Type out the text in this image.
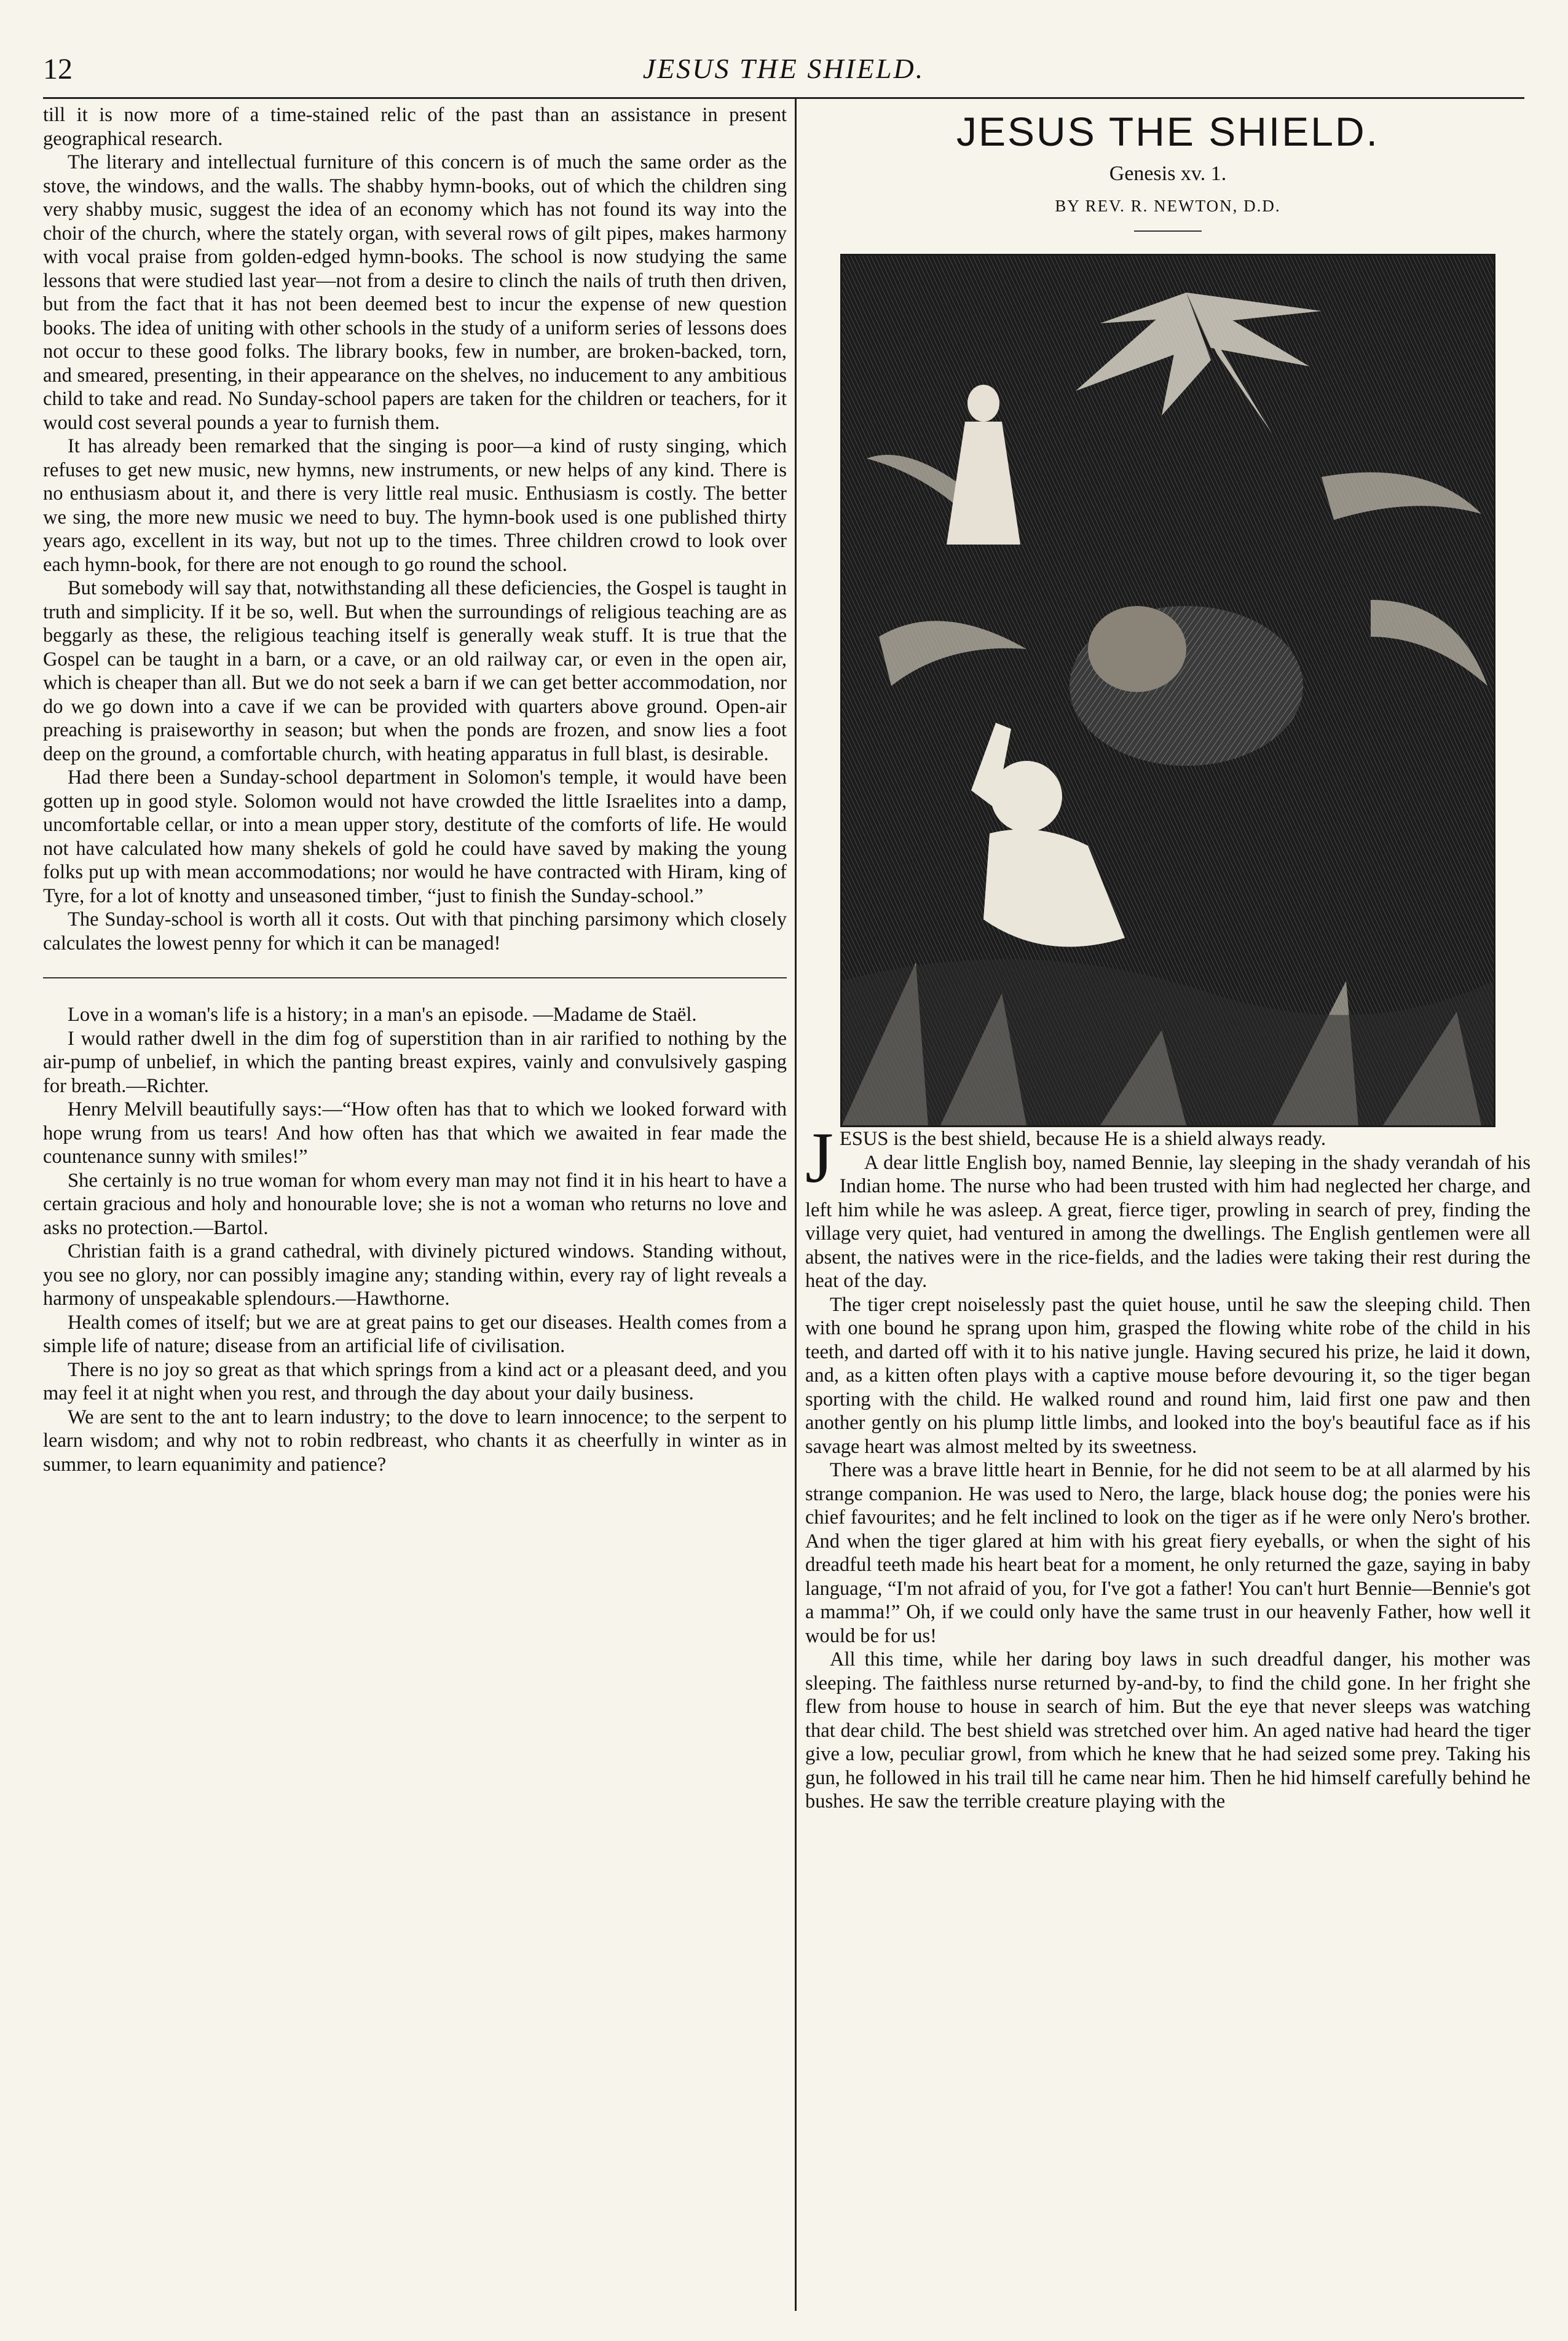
12	JESUS THE SHIELD.

till it is now more of a time-stained relic of the past than an assistance in present geographical research.

The literary and intellectual furniture of this concern is of much the same order as the stove, the windows, and the walls. The shabby hymn-books, out of which the children sing very shabby music, suggest the idea of an economy which has not found its way into the choir of the church, where the stately organ, with several rows of gilt pipes, makes harmony with vocal praise from golden-edged hymn-books. The school is now studying the same lessons that were studied last year—not from a desire to clinch the nails of truth then driven, but from the fact that it has not been deemed best to incur the expense of new question books. The idea of uniting with other schools in the study of a uniform series of lessons does not occur to these good folks. The library books, few in number, are broken-backed, torn, and smeared, presenting, in their appearance on the shelves, no inducement to any ambitious child to take and read. No Sunday-school papers are taken for the children or teachers, for it would cost several pounds a year to furnish them.

It has already been remarked that the singing is poor—a kind of rusty singing, which refuses to get new music, new hymns, new instruments, or new helps of any kind. There is no enthusiasm about it, and there is very little real music. Enthusiasm is costly. The better we sing, the more new music we need to buy. The hymn-book used is one published thirty years ago, excellent in its way, but not up to the times. Three children crowd to look over each hymn-book, for there are not enough to go round the school.

But somebody will say that, notwithstanding all these deficiencies, the Gospel is taught in truth and simplicity. If it be so, well. But when the surroundings of religious teaching are as beggarly as these, the religious teaching itself is generally weak stuff. It is true that the Gospel can be taught in a barn, or a cave, or an old railway car, or even in the open air, which is cheaper than all. But we do not seek a barn if we can get better accommodation, nor do we go down into a cave if we can be provided with quarters above ground. Open-air preaching is praiseworthy in season; but when the ponds are frozen, and snow lies a foot deep on the ground, a comfortable church, with heating apparatus in full blast, is desirable.

Had there been a Sunday-school department in Solomon's temple, it would have been gotten up in good style. Solomon would not have crowded the little Israelites into a damp, uncomfortable cellar, or into a mean upper story, destitute of the comforts of life. He would not have calculated how many shekels of gold he could have saved by making the young folks put up with mean accommodations; nor would he have contracted with Hiram, king of Tyre, for a lot of knotty and unseasoned timber, “just to finish the Sunday-school.”

The Sunday-school is worth all it costs. Out with that pinching parsimony which closely calculates the lowest penny for which it can be managed!

Love in a woman's life is a history; in a man's an episode. —Madame de Staël.

I would rather dwell in the dim fog of superstition than in air rarified to nothing by the air-pump of unbelief, in which the panting breast expires, vainly and convulsively gasping for breath.—Richter.

Henry Melvill beautifully says:—“How often has that to which we looked forward with hope wrung from us tears! And how often has that which we awaited in fear made the countenance sunny with smiles!”

She certainly is no true woman for whom every man may not find it in his heart to have a certain gracious and holy and honourable love; she is not a woman who returns no love and asks no protection.—Bartol.

Christian faith is a grand cathedral, with divinely pictured windows. Standing without, you see no glory, nor can possibly imagine any; standing within, every ray of light reveals a harmony of unspeakable splendours.—Hawthorne.

Health comes of itself; but we are at great pains to get our diseases. Health comes from a simple life of nature; disease from an artificial life of civilisation.

There is no joy so great as that which springs from a kind act or a pleasant deed, and you may feel it at night when you rest, and through the day about your daily business.

We are sent to the ant to learn industry; to the dove to learn innocence; to the serpent to learn wisdom; and why not to robin redbreast, who chants it as cheerfully in winter as in summer, to learn equanimity and patience?

JESUS THE SHIELD.
Genesis xv. 1.
BY REV. R. NEWTON, D.D.

JESUS is the best shield, because He is a shield always ready.

A dear little English boy, named Bennie, lay sleeping in the shady verandah of his Indian home. The nurse who had been trusted with him had neglected her charge, and left him while he was asleep. A great, fierce tiger, prowling in search of prey, finding the village very quiet, had ventured in among the dwellings. The English gentlemen were all absent, the natives were in the rice-fields, and the ladies were taking their rest during the heat of the day.

The tiger crept noiselessly past the quiet house, until he saw the sleeping child. Then with one bound he sprang upon him, grasped the flowing white robe of the child in his teeth, and darted off with it to his native jungle. Having secured his prize, he laid it down, and, as a kitten often plays with a captive mouse before devouring it, so the tiger began sporting with the child. He walked round and round him, laid first one paw and then another gently on his plump little limbs, and looked into the boy's beautiful face as if his savage heart was almost melted by its sweetness.

There was a brave little heart in Bennie, for he did not seem to be at all alarmed by his strange companion. He was used to Nero, the large, black house dog; the ponies were his chief favourites; and he felt inclined to look on the tiger as if he were only Nero's brother. And when the tiger glared at him with his great fiery eyeballs, or when the sight of his dreadful teeth made his heart beat for a moment, he only returned the gaze, saying in baby language, “I'm not afraid of you, for I've got a father! You can't hurt Bennie—Bennie's got a mamma!” Oh, if we could only have the same trust in our heavenly Father, how well it would be for us!

All this time, while her daring boy laws in such dreadful danger, his mother was sleeping. The faithless nurse returned by-and-by, to find the child gone. In her fright she flew from house to house in search of him. But the eye that never sleeps was watching that dear child. The best shield was stretched over him. An aged native had heard the tiger give a low, peculiar growl, from which he knew that he had seized some prey. Taking his gun, he followed in his trail till he came near him. Then he hid himself carefully behind he bushes. He saw the terrible creature playing with the
